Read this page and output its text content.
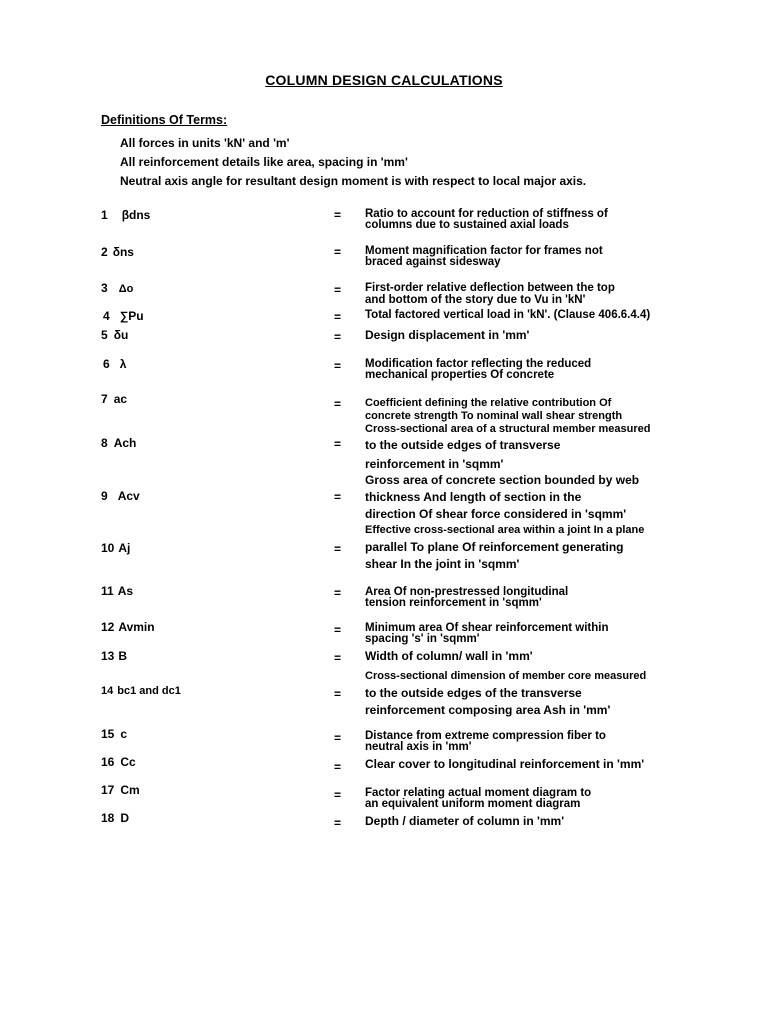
COLUMN DESIGN CALCULATIONS
Definitions Of Terms:
All forces in units 'kN' and 'm'
All reinforcement details like area, spacing in 'mm'
Neutral axis angle for resultant design moment is with respect to local major axis.
1 βdns	= Ratio to account for reduction of stiffness of
columns due to sustained axial loads
2 δns	= Moment magnification factor for frames not
braced against sidesway
3 Δo	= First-order relative deflection between the top
and bottom of the story due to Vu in 'kN'
4 ∑Pu	= Total factored vertical load in 'kN'. (Clause 406.6.4.4)
5 δu	= Design displacement in 'mm'
6 λ	= Modification factor reflecting the reduced
mechanical properties Of concrete
7 ac	= Coefficient defining the relative contribution Of
concrete strength To nominal wall shear strength
8 Ach	=
Cross-sectional area of a structural member measured
to the outside edges of transverse
reinforcement in 'sqmm'
9 Acv	=
Gross area of concrete section bounded by web
thickness And length of section in the
direction Of shear force considered in 'sqmm'
10 Aj	=
Effective cross-sectional area within a joint In a plane
parallel To plane Of reinforcement generating
shear In the joint in 'sqmm'
11 As	= Area Of non-prestressed longitudinal
tension reinforcement in 'sqmm'
12 Avmin	= Minimum area Of shear reinforcement within
spacing 's' in 'sqmm'
13 B	= Width of column/ wall in 'mm'
14 bc1 and dc1	=
Cross-sectional dimension of member core measured
to the outside edges of the transverse
reinforcement composing area Ash in 'mm'
15 c	= Distance from extreme compression fiber to
neutral axis in 'mm'
16 Cc	= Clear cover to longitudinal reinforcement in 'mm'
17 Cm	= Factor relating actual moment diagram to
an equivalent uniform moment diagram
18 D	= Depth / diameter of column in 'mm'
